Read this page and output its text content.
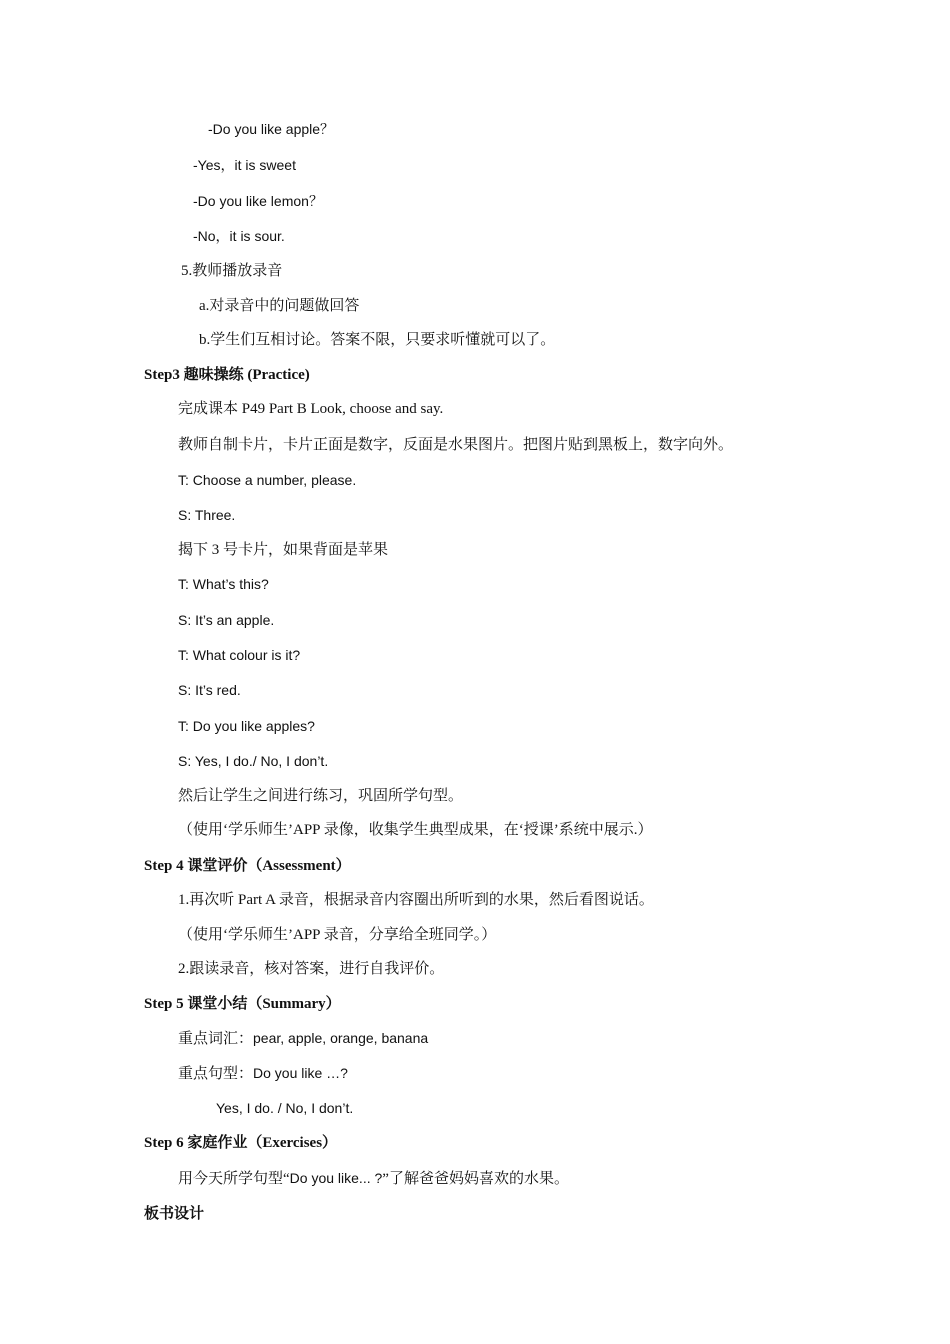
-Do you like apple？
-Yes，it is sweet
-Do you like lemon？
-No，it is sour.
5.教师播放录音
a.对录音中的问题做回答
b.学生们互相讨论。答案不限，只要求听懂就可以了。
Step3 趣味操练 (Practice)
完成课本 P49 Part B Look, choose and say.
教师自制卡片，卡片正面是数字，反面是水果图片。把图片贴到黑板上，数字向外。
T: Choose a number, please.
S: Three.
揭下 3 号卡片，如果背面是苹果
T: What’s this?
S: It’s an apple.
T: What colour is it?
S: It’s red.
T: Do you like apples?
S: Yes, I do./ No, I don’t.
然后让学生之间进行练习，巩固所学句型。
（使用‘学乐师生’APP 录像，收集学生典型成果，在‘授课’系统中展示.）
Step 4 课堂评价（Assessment）
1.再次听 Part A 录音，根据录音内容圈出所听到的水果，然后看图说话。
（使用‘学乐师生’APP 录音，分享给全班同学。）
2.跟读录音，核对答案，进行自我评价。
Step 5 课堂小结（Summary）
重点词汇：pear, apple, orange, banana
重点句型：Do you like …?
Yes, I do. / No, I don’t.
Step 6 家庭作业（Exercises）
用今天所学句型“Do you like... ?”了解爸爸妈妈喜欢的水果。
板书设计
